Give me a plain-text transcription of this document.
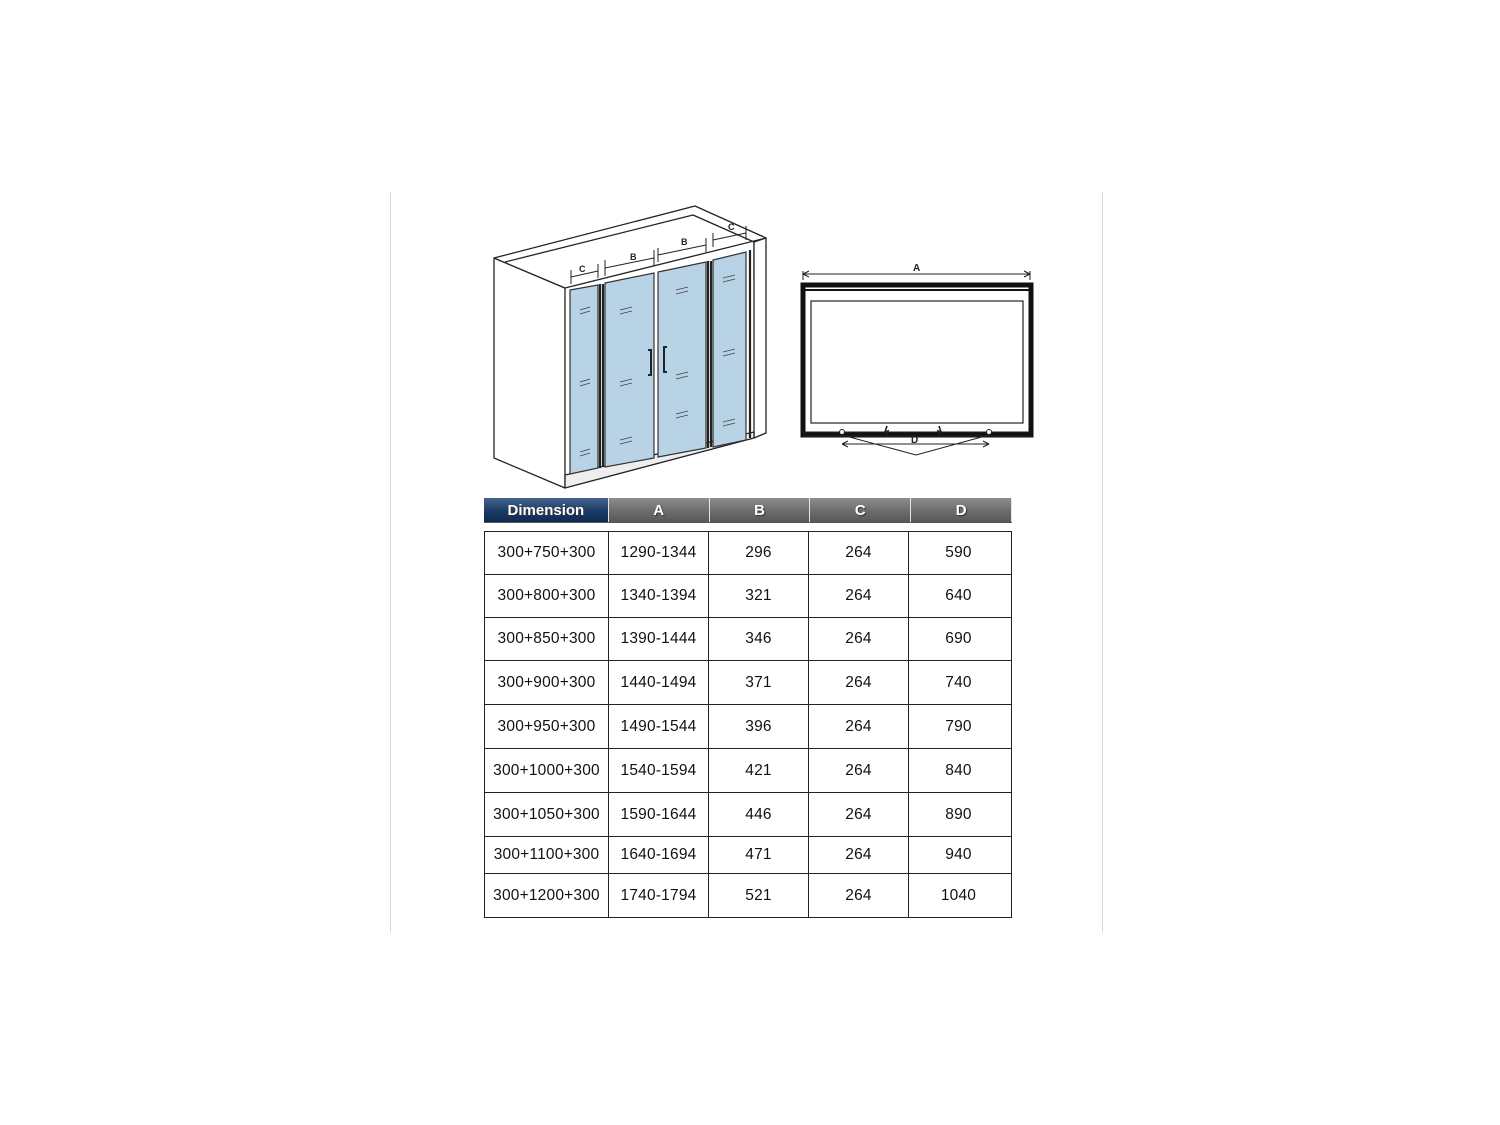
C
B
B
C
A
D
Dimension	A	B	C	D
300+750+300	1290-1344	296	264	590
300+800+300	1340-1394	321	264	640
300+850+300	1390-1444	346	264	690
300+900+300	1440-1494	371	264	740
300+950+300	1490-1544	396	264	790
300+1000+300	1540-1594	421	264	840
300+1050+300	1590-1644	446	264	890
300+1100+300	1640-1694	471	264	940
300+1200+300	1740-1794	521	264	1040
